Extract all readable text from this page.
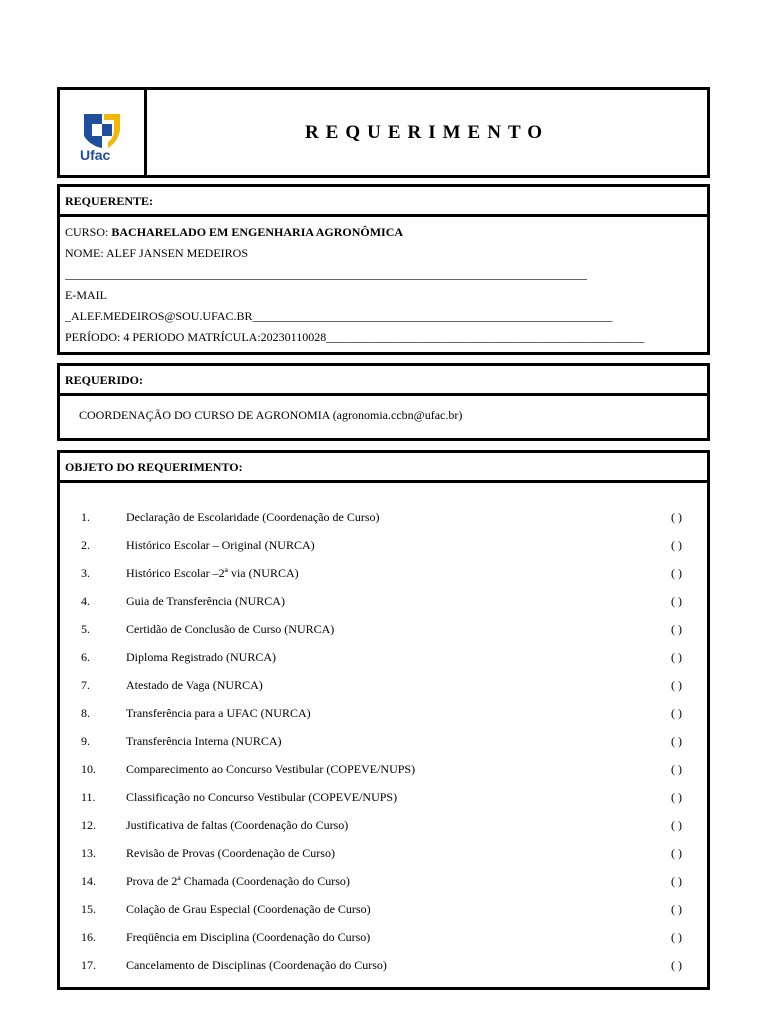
Ufac
REQUERIMENTO
REQUERENTE:
CURSO: BACHARELADO EM ENGENHARIA AGRONÔMICA
NOME: ALEF JANSEN MEDEIROS
_______________________________________________________________________________________
E-MAIL
_ALEF.MEDEIROS@SOU.UFAC.BR____________________________________________________________
PERÍODO: 4 PERIODO MATRÍCULA:20230110028_____________________________________________________
REQUERIDO:
COORDENAÇÃO DO CURSO DE AGRONOMIA (agronomia.ccbn@ufac.br)
OBJETO DO REQUERIMENTO:
1.	Declaração de Escolaridade (Coordenação de Curso)	( )
2.	Histórico Escolar – Original (NURCA)	( )
3.	Histórico Escolar –2ª via (NURCA)	( )
4.	Guia de Transferência (NURCA)	( )
5.	Certidão de Conclusão de Curso (NURCA)	( )
6.	Diploma Registrado (NURCA)	( )
7.	Atestado de Vaga (NURCA)	( )
8.	Transferência para a UFAC (NURCA)	( )
9.	Transferência Interna (NURCA)	( )
10.	Comparecimento ao Concurso Vestibular (COPEVE/NUPS)	( )
11.	Classificação no Concurso Vestibular (COPEVE/NUPS)	( )
12.	Justificativa de faltas (Coordenação do Curso)	( )
13.	Revisão de Provas (Coordenação de Curso)	( )
14.	Prova de 2ª Chamada (Coordenação do Curso)	( )
15.	Colação de Grau Especial (Coordenação de Curso)	( )
16.	Freqüência em Disciplina (Coordenação do Curso)	( )
17.	Cancelamento de Disciplinas (Coordenação do Curso)	( )
